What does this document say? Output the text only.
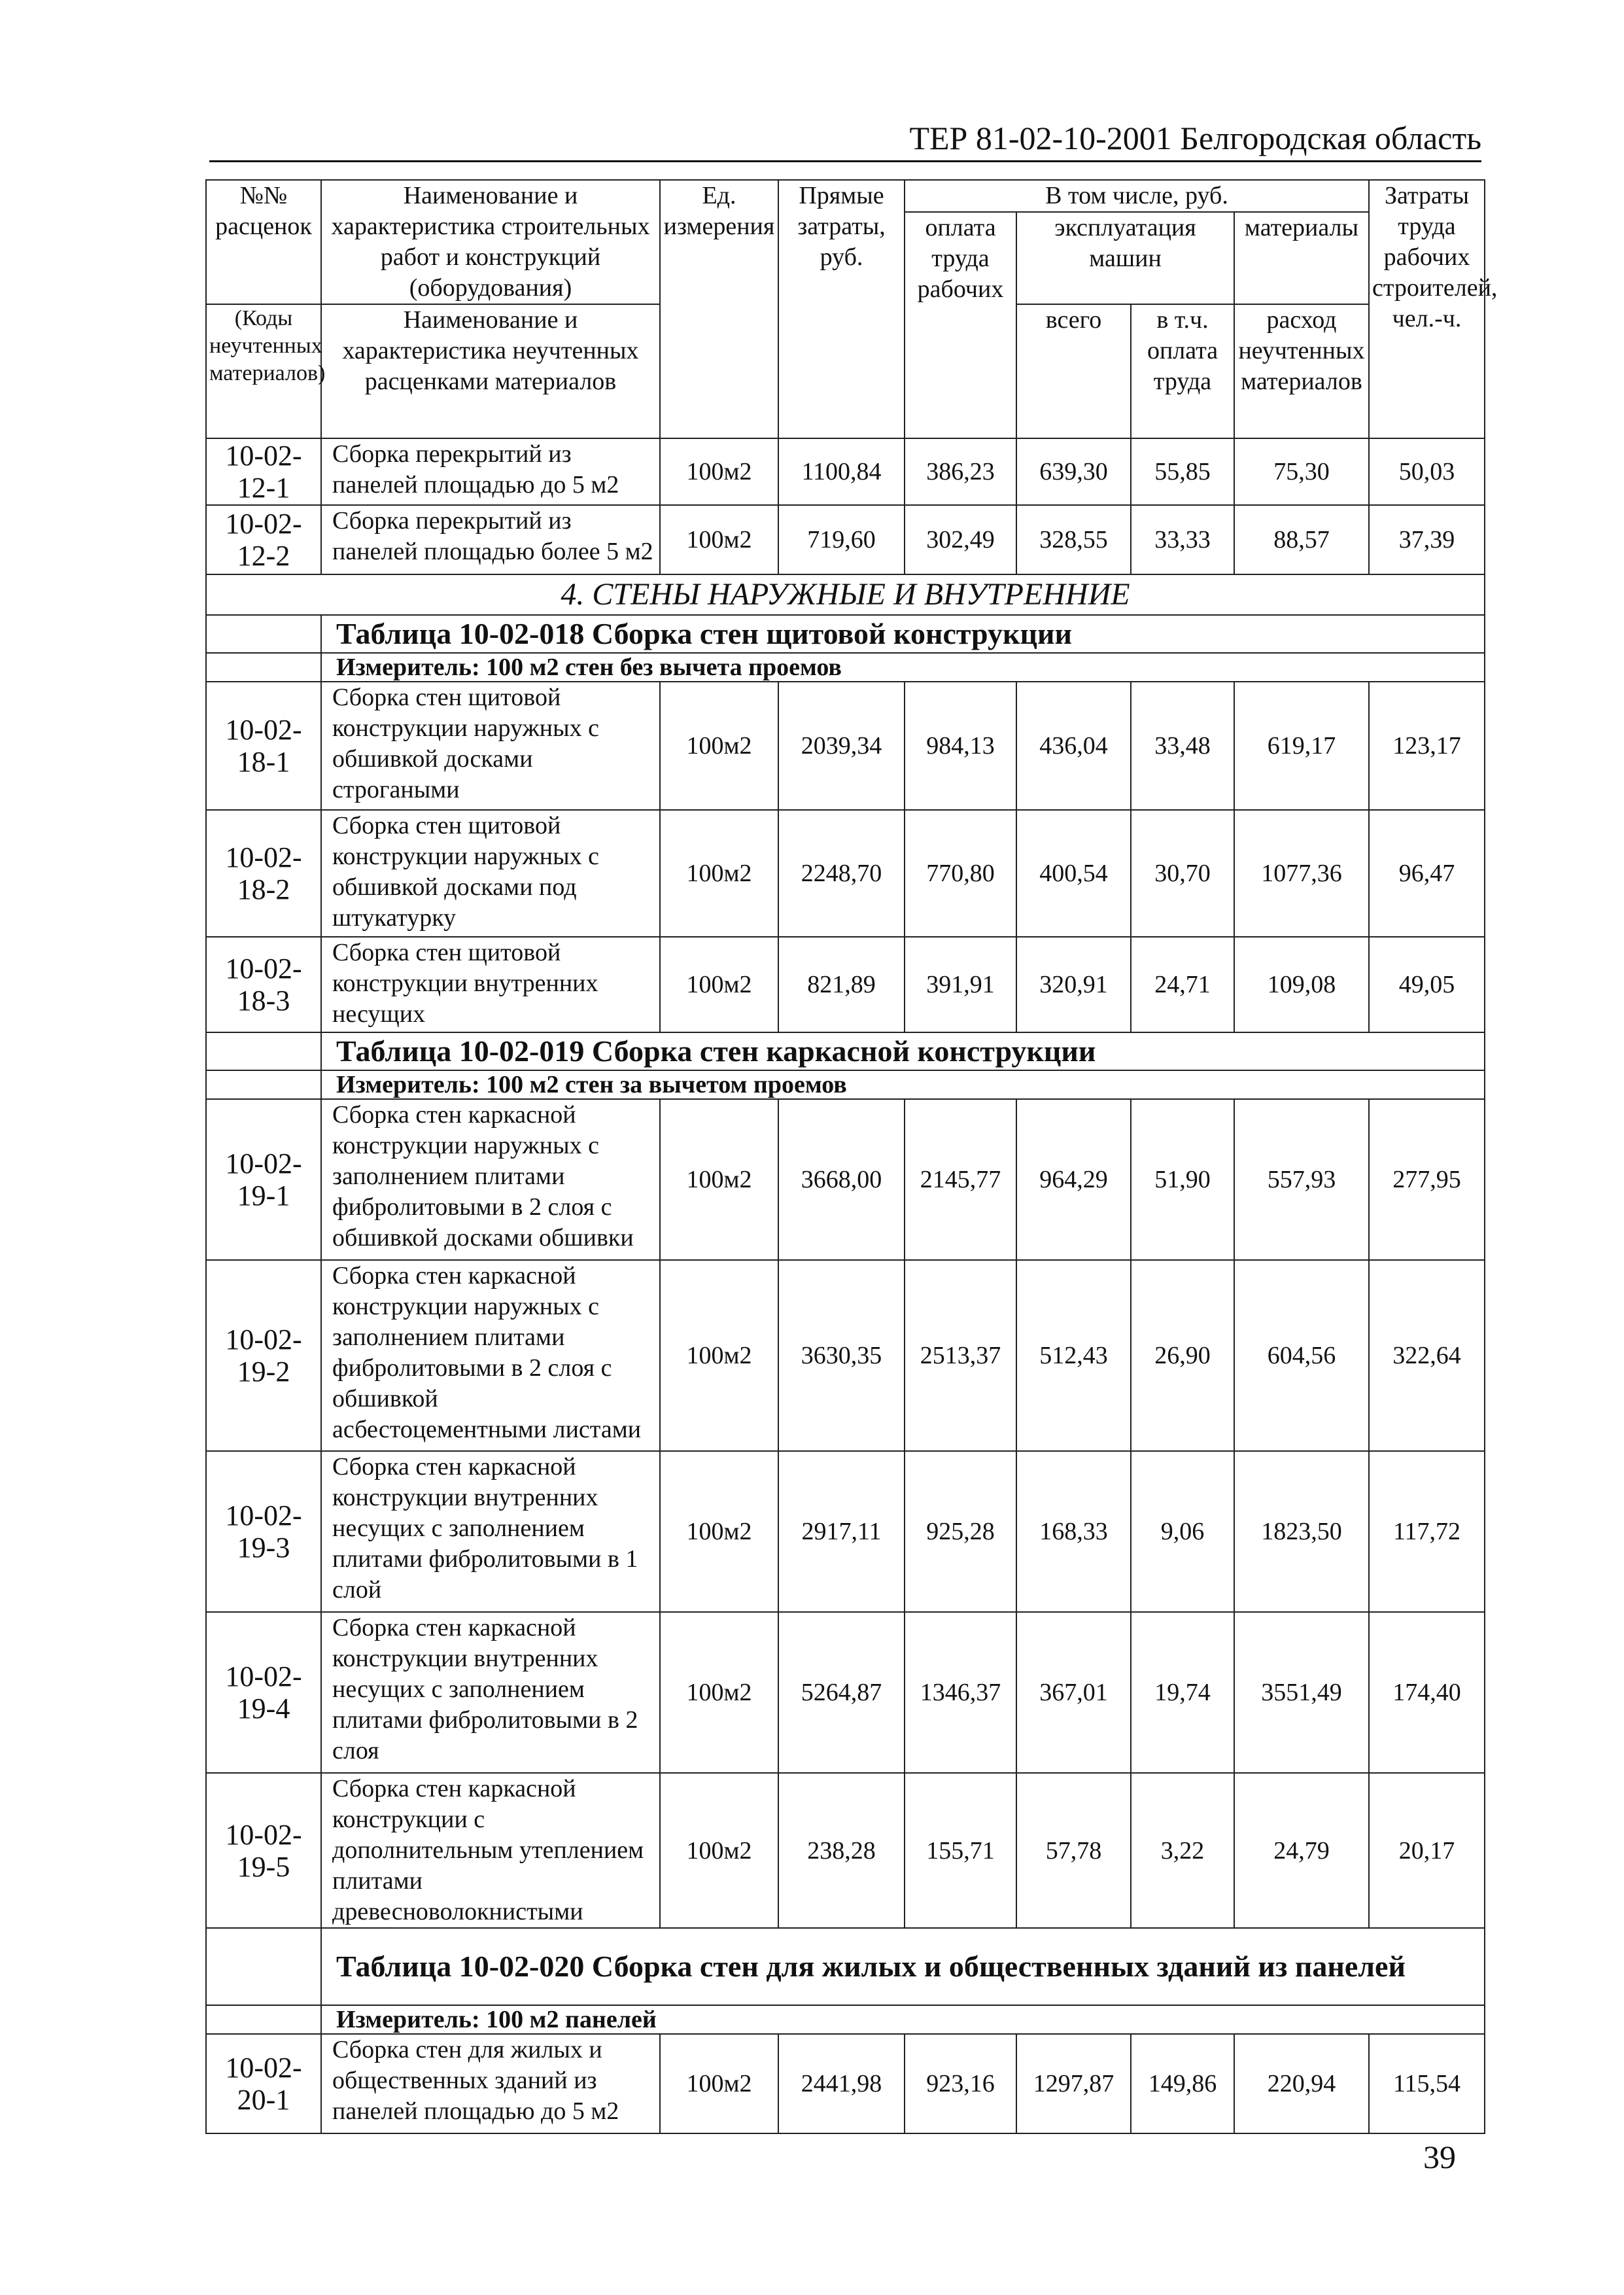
ТЕР 81-02-10-2001 Белгородская область
№№ расценок	Наименование и характеристика строительных работ и конструкций (оборудования)	Ед. измерения	Прямые затраты, руб.	В том числе, руб.				Затраты труда рабочих строителей, чел.-ч.
				оплата труда рабочих	эксплуатация машин		материалы	
(Коды неучтенных материалов)	Наименование и характеристика неучтенных расценками материалов				всего	в т.ч. оплата труда	расход неучтенных материалов	

10-02-12-1	Сборка перекрытий из панелей площадью до 5 м2	100м2	1100,84	386,23	639,30	55,85	75,30	50,03
10-02-12-2	Сборка перекрытий из панелей площадью более 5 м2	100м2	719,60	302,49	328,55	33,33	88,57	37,39
4. СТЕНЫ НАРУЖНЫЕ И ВНУТРЕННИЕ								
	Таблица 10-02-018 Сборка стен щитовой конструкции							
	Измеритель: 100 м2 стен без вычета проемов							
10-02-18-1	Сборка стен щитовой конструкции наружных с обшивкой досками строгаными	100м2	2039,34	984,13	436,04	33,48	619,17	123,17
10-02-18-2	Сборка стен щитовой конструкции наружных с обшивкой досками под штукатурку	100м2	2248,70	770,80	400,54	30,70	1077,36	96,47
10-02-18-3	Сборка стен щитовой конструкции внутренних несущих	100м2	821,89	391,91	320,91	24,71	109,08	49,05
	Таблица 10-02-019 Сборка стен каркасной конструкции							
	Измеритель: 100 м2 стен за вычетом проемов							
10-02-19-1	Сборка стен каркасной конструкции наружных с заполнением плитами фибролитовыми в 2 слоя с обшивкой досками обшивки	100м2	3668,00	2145,77	964,29	51,90	557,93	277,95
10-02-19-2	Сборка стен каркасной конструкции наружных с заполнением плитами фибролитовыми в 2 слоя с обшивкой асбестоцементными листами	100м2	3630,35	2513,37	512,43	26,90	604,56	322,64
10-02-19-3	Сборка стен каркасной конструкции внутренних несущих с заполнением плитами фибролитовыми в 1 слой	100м2	2917,11	925,28	168,33	9,06	1823,50	117,72
10-02-19-4	Сборка стен каркасной конструкции внутренних несущих с заполнением плитами фибролитовыми в 2 слоя	100м2	5264,87	1346,37	367,01	19,74	3551,49	174,40
10-02-19-5	Сборка стен каркасной конструкции с дополнительным утеплением плитами древесноволокнистыми	100м2	238,28	155,71	57,78	3,22	24,79	20,17
	Таблица 10-02-020 Сборка стен для жилых и общественных зданий из панелей							
	Измеритель: 100 м2 панелей							
10-02-20-1	Сборка стен для жилых и общественных зданий из панелей площадью до 5 м2	100м2	2441,98	923,16	1297,87	149,86	220,94	115,54
39
